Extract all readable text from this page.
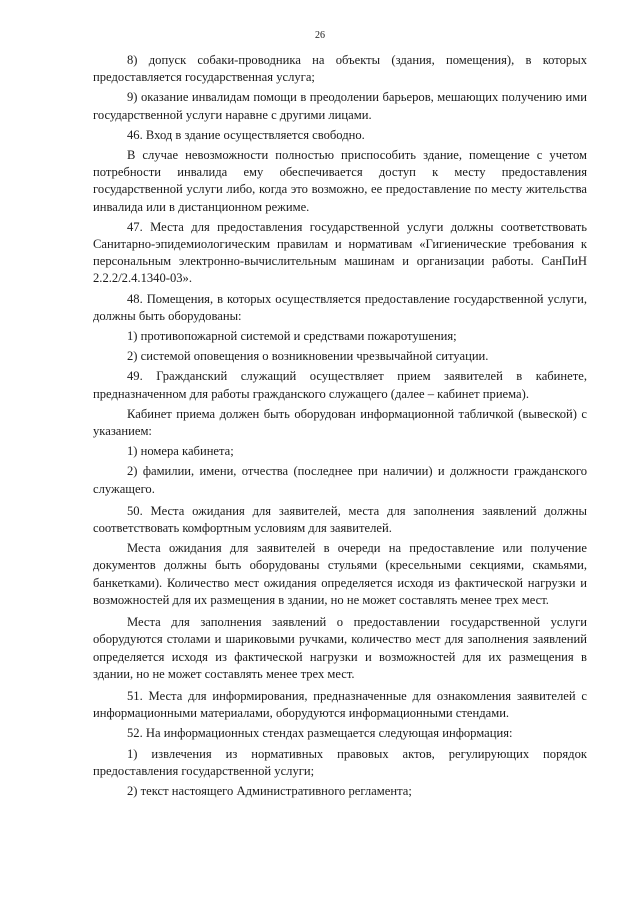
26

8) допуск собаки-проводника на объекты (здания, помещения), в которых предоставляется государственная услуга;

9) оказание инвалидам помощи в преодолении барьеров, мешающих получению ими государственной услуги наравне с другими лицами.

46. Вход в здание осуществляется свободно.

В случае невозможности полностью приспособить здание, помещение с учетом потребности инвалида ему обеспечивается доступ к месту предоставления государственной услуги либо, когда это возможно, ее предоставление по месту жительства инвалида или в дистанционном режиме.

47. Места для предоставления государственной услуги должны соответствовать Санитарно-эпидемиологическим правилам и нормативам «Гигиенические требования к персональным электронно-вычислительным машинам и организации работы. СанПиН 2.2.2/2.4.1340-03».

48. Помещения, в которых осуществляется предоставление государственной услуги, должны быть оборудованы:

1) противопожарной системой и средствами пожаротушения;

2) системой оповещения о возникновении чрезвычайной ситуации.

49. Гражданский служащий осуществляет прием заявителей в кабинете, предназначенном для работы гражданского служащего (далее – кабинет приема).

Кабинет приема должен быть оборудован информационной табличкой (вывеской) с указанием:

1) номера кабинета;

2) фамилии, имени, отчества (последнее при наличии) и должности гражданского служащего.

50. Места ожидания для заявителей, места для заполнения заявлений должны соответствовать комфортным условиям для заявителей.

Места ожидания для заявителей в очереди на предоставление или получение документов должны быть оборудованы стульями (кресельными секциями, скамьями, банкетками). Количество мест ожидания определяется исходя из фактической нагрузки и возможностей для их размещения в здании, но не может составлять менее трех мест.

Места для заполнения заявлений о предоставлении государственной услуги оборудуются столами и шариковыми ручками, количество мест для заполнения заявлений определяется исходя из фактической нагрузки и возможностей для их размещения в здании, но не может составлять менее трех мест.

51. Места для информирования, предназначенные для ознакомления заявителей с информационными материалами, оборудуются информационными стендами.

52. На информационных стендах размещается следующая информация:

1) извлечения из нормативных правовых актов, регулирующих порядок предоставления государственной услуги;

2) текст настоящего Административного регламента;
